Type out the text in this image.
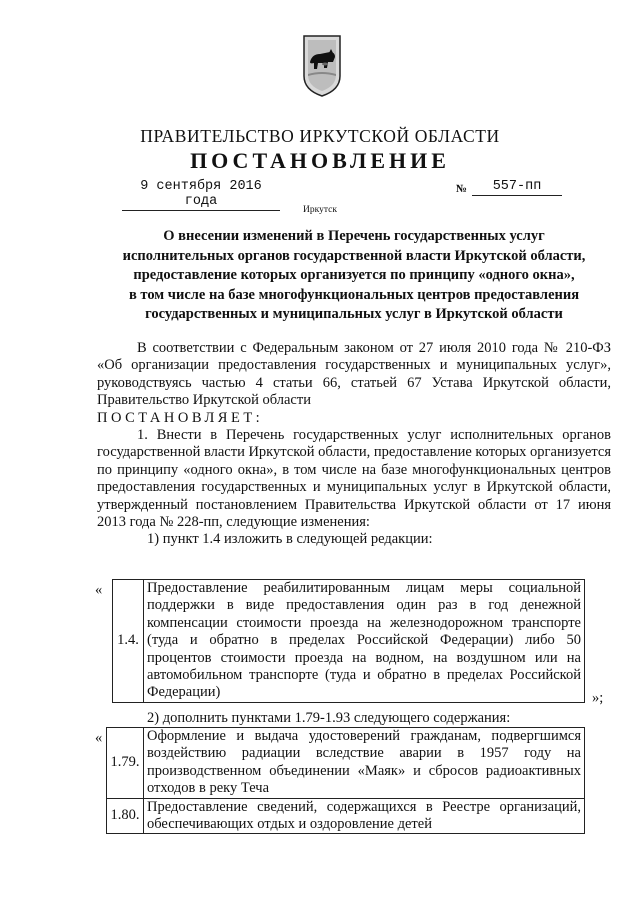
ПРАВИТЕЛЬСТВО ИРКУТСКОЙ ОБЛАСТИ
ПОСТАНОВЛЕНИЕ
9 сентября 2016 года
№	557-пп
Иркутск
О внесении изменений в Перечень государственных услуг
исполнительных органов государственной власти Иркутской области,
предоставление которых организуется по принципу «одного окна»,
в том числе на базе многофункциональных центров предоставления
государственных и муниципальных услуг в Иркутской области

В соответствии с Федеральным законом от 27 июля 2010 года № 210-ФЗ «Об организации предоставления государственных и муниципальных услуг», руководствуясь частью 4 статьи 66, статьей 67 Устава Иркутской области, Правительство Иркутской области

ПОСТАНОВЛЯЕТ:

1. Внести в Перечень государственных услуг исполнительных органов государственной власти Иркутской области, предоставление которых организуется по принципу «одного окна», в том числе на базе многофункциональных центров предоставления государственных и муниципальных услуг в Иркутской области, утвержденный постановлением Правительства Иркутской области от 17 июня 2013 года № 228-пп, следующие изменения:

1) пункт 1.4 изложить в следующей редакции:

«
1.4.	Предоставление реабилитированным лицам меры социальной поддержки в виде предоставления один раз в год денежной компенсации стоимости проезда на железнодорожном транспорте (туда и обратно в пределах Российской Федерации) либо 50 процентов стоимости проезда на водном, на воздушном или на автомобильном транспорте (туда и обратно в пределах Российской Федерации)	»;
2) дополнить пунктами 1.79-1.93 следующего содержания:
«
1.79.	Оформление и выдача удостоверений гражданам, подвергшимся воздействию радиации вследствие аварии в 1957 году на производственном объединении «Маяк» и сбросов радиоактивных отходов в реку Теча
1.80.	Предоставление сведений, содержащихся в Реестре организаций, обеспечивающих отдых и оздоровление детей
